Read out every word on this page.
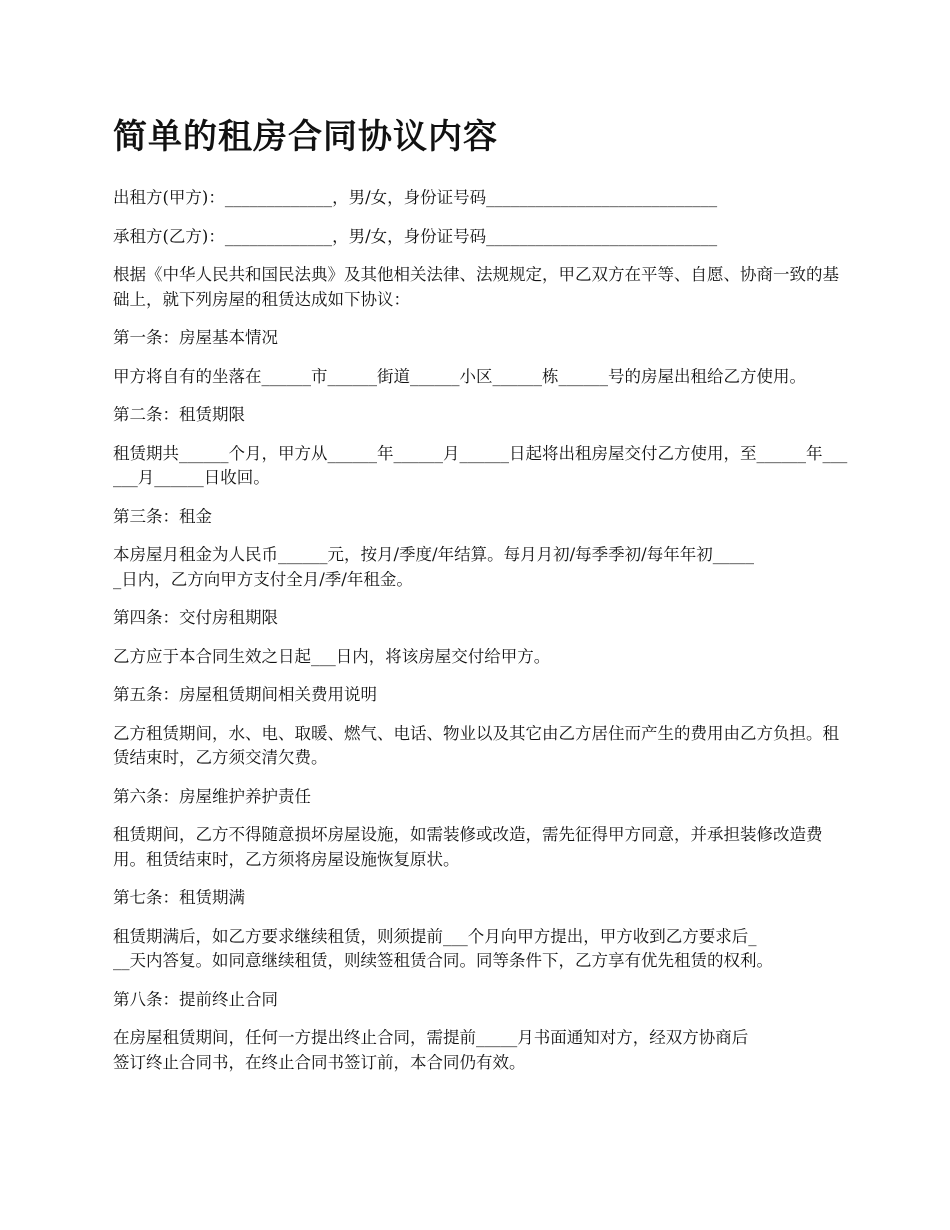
简单的租房合同协议内容
出租方(甲方)：_____________，男/女，身份证号码____________________________
承租方(乙方)：_____________，男/女，身份证号码____________________________
根据《中华人民共和国民法典》及其他相关法律、法规规定，甲乙双方在平等、自愿、协商一致的基础上，就下列房屋的租赁达成如下协议：
第一条：房屋基本情况
甲方将自有的坐落在______市______街道______小区______栋______号的房屋出租给乙方使用。
第二条：租赁期限
租赁期共______个月，甲方从______年______月______日起将出租房屋交付乙方使用，至______年______月______日收回。
第三条：租金
本房屋月租金为人民币______元，按月/季度/年结算。每月月初/每季季初/每年年初_____
_日内，乙方向甲方支付全月/季/年租金。
第四条：交付房租期限
乙方应于本合同生效之日起___日内，将该房屋交付给甲方。
第五条：房屋租赁期间相关费用说明
乙方租赁期间，水、电、取暖、燃气、电话、物业以及其它由乙方居住而产生的费用由乙方负担。租赁结束时，乙方须交清欠费。
第六条：房屋维护养护责任
租赁期间，乙方不得随意损坏房屋设施，如需装修或改造，需先征得甲方同意，并承担装修改造费用。租赁结束时，乙方须将房屋设施恢复原状。
第七条：租赁期满
租赁期满后，如乙方要求继续租赁，则须提前___个月向甲方提出，甲方收到乙方要求后_
__天内答复。如同意继续租赁，则续签租赁合同。同等条件下，乙方享有优先租赁的权利。
第八条：提前终止合同
在房屋租赁期间，任何一方提出终止合同，需提前_____月书面通知对方，经双方协商后
签订终止合同书，在终止合同书签订前，本合同仍有效。
